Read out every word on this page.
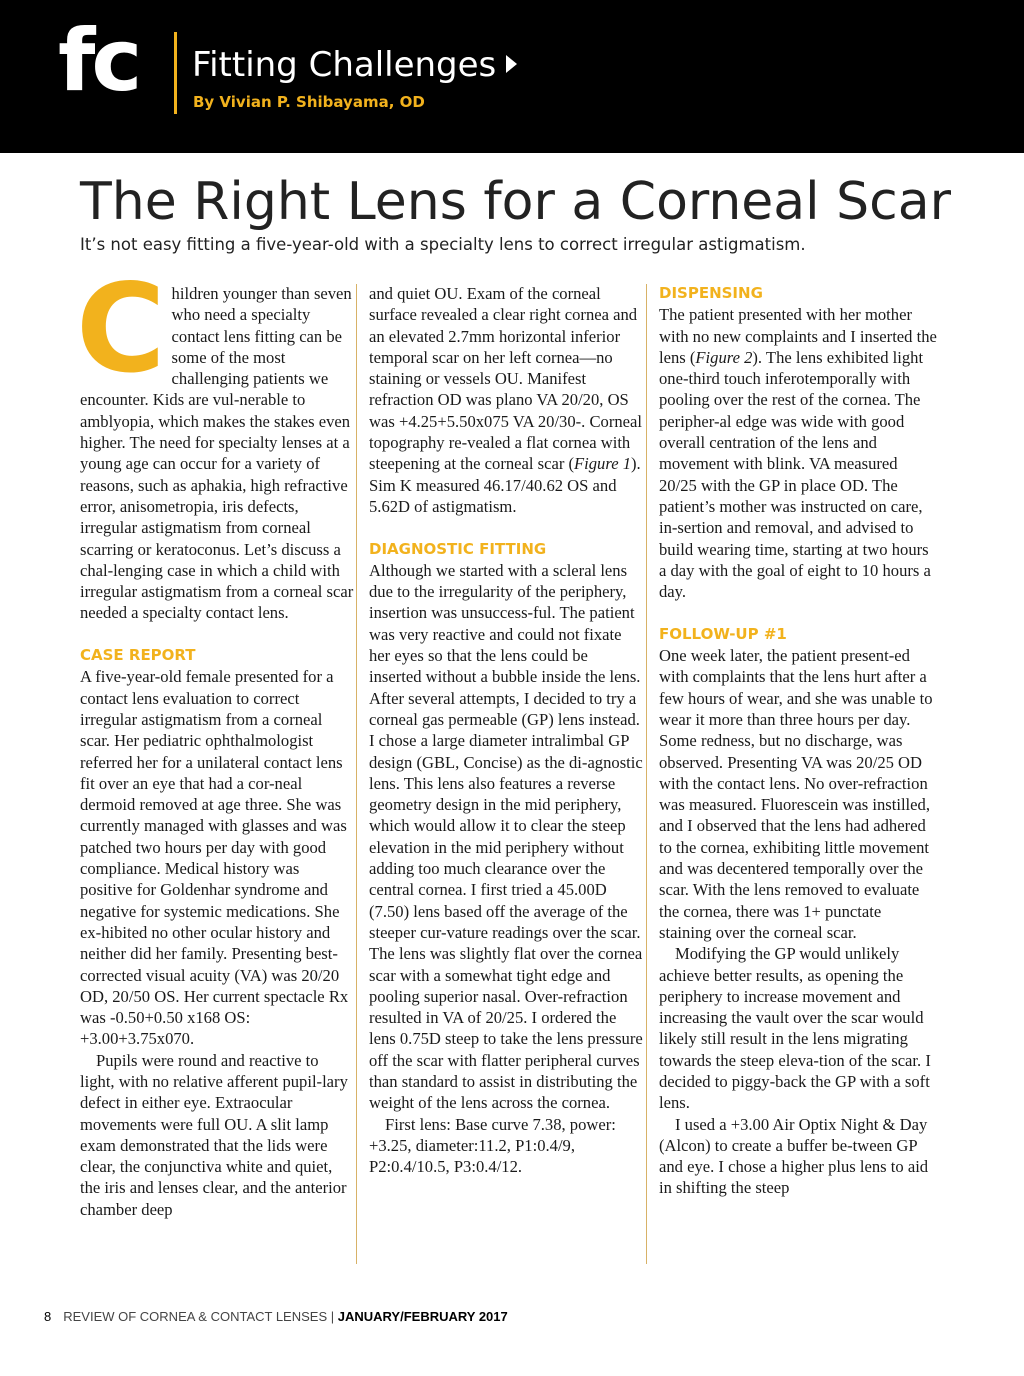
fc Fitting Challenges
By Vivian P. Shibayama, OD
The Right Lens for a Corneal Scar
It’s not easy fitting a five-year-old with a specialty lens to correct irregular astigmatism.
C hildren younger than seven who need a specialty contact lens fitting can be some of the most challenging patients we encounter. Kids are vul-nerable to amblyopia, which makes the stakes even higher. The need for specialty lenses at a young age can occur for a variety of reasons, such as aphakia, high refractive error, anisometropia, iris defects, irregular astigmatism from corneal scarring or keratoconus. Let’s discuss a chal-lenging case in which a child with irregular astigmatism from a corneal scar needed a specialty contact lens.

CASE REPORT

A five-year-old female presented for a contact lens evaluation to correct irregular astigmatism from a corneal scar. Her pediatric ophthalmologist referred her for a unilateral contact lens fit over an eye that had a cor-neal dermoid removed at age three. She was currently managed with glasses and was patched two hours per day with good compliance. Medical history was positive for Goldenhar syndrome and negative for systemic medications. She ex-hibited no other ocular history and neither did her family. Presenting best-corrected visual acuity (VA) was 20/20 OD, 20/50 OS. Her current spectacle Rx was -0.50+0.50 x168 OS: +3.00+3.75x070.

Pupils were round and reactive to light, with no relative afferent pupil-lary defect in either eye. Extraocular movements were full OU. A slit lamp exam demonstrated that the lids were clear, the conjunctiva white and quiet, the iris and lenses clear, and the anterior chamber deep

and quiet OU. Exam of the corneal surface revealed a clear right cornea and an elevated 2.7mm horizontal inferior temporal scar on her left cornea—no staining or vessels OU. Manifest refraction OD was plano VA 20/20, OS was +4.25+5.50x075 VA 20/30-. Corneal topography re-vealed a flat cornea with steepening at the corneal scar (Figure 1). Sim K measured 46.17/40.62 OS and 5.62D of astigmatism.

DIAGNOSTIC FITTING

Although we started with a scleral lens due to the irregularity of the periphery, insertion was unsuccess-ful. The patient was very reactive and could not fixate her eyes so that the lens could be inserted without a bubble inside the lens. After several attempts, I decided to try a corneal gas permeable (GP) lens instead. I chose a large diameter intralimbal GP design (GBL, Concise) as the di-agnostic lens. This lens also features a reverse geometry design in the mid periphery, which would allow it to clear the steep elevation in the mid periphery without adding too much clearance over the central cornea. I first tried a 45.00D (7.50) lens based off the average of the steeper cur-vature readings over the scar. The lens was slightly flat over the cornea scar with a somewhat tight edge and pooling superior nasal. Over-refraction resulted in VA of 20/25. I ordered the lens 0.75D steep to take the lens pressure off the scar with flatter peripheral curves than standard to assist in distributing the weight of the lens across the cornea.

First lens: Base curve 7.38, power: +3.25, diameter:11.2, P1:0.4/9, P2:0.4/10.5, P3:0.4/12.

DISPENSING

The patient presented with her mother with no new complaints and I inserted the lens (Figure 2). The lens exhibited light one-third touch inferotemporally with pooling over the rest of the cornea. The peripher-al edge was wide with good overall centration of the lens and movement with blink. VA measured 20/25 with the GP in place OD. The patient’s mother was instructed on care, in-sertion and removal, and advised to build wearing time, starting at two hours a day with the goal of eight to 10 hours a day.

FOLLOW-UP #1

One week later, the patient present-ed with complaints that the lens hurt after a few hours of wear, and she was unable to wear it more than three hours per day. Some redness, but no discharge, was observed. Presenting VA was 20/25 OD with the contact lens. No over-refraction was measured. Fluorescein was instilled, and I observed that the lens had adhered to the cornea, exhibiting little movement and was decentered temporally over the scar. With the lens removed to evaluate the cornea, there was 1+ punctate staining over the corneal scar.

Modifying the GP would unlikely achieve better results, as opening the periphery to increase movement and increasing the vault over the scar would likely still result in the lens migrating towards the steep eleva-tion of the scar. I decided to piggy-back the GP with a soft lens.

I used a +3.00 Air Optix Night & Day (Alcon) to create a buffer be-tween GP and eye. I chose a higher plus lens to aid in shifting the steep

8 REVIEW OF CORNEA & CONTACT LENSES | JANUARY/FEBRUARY 2017
